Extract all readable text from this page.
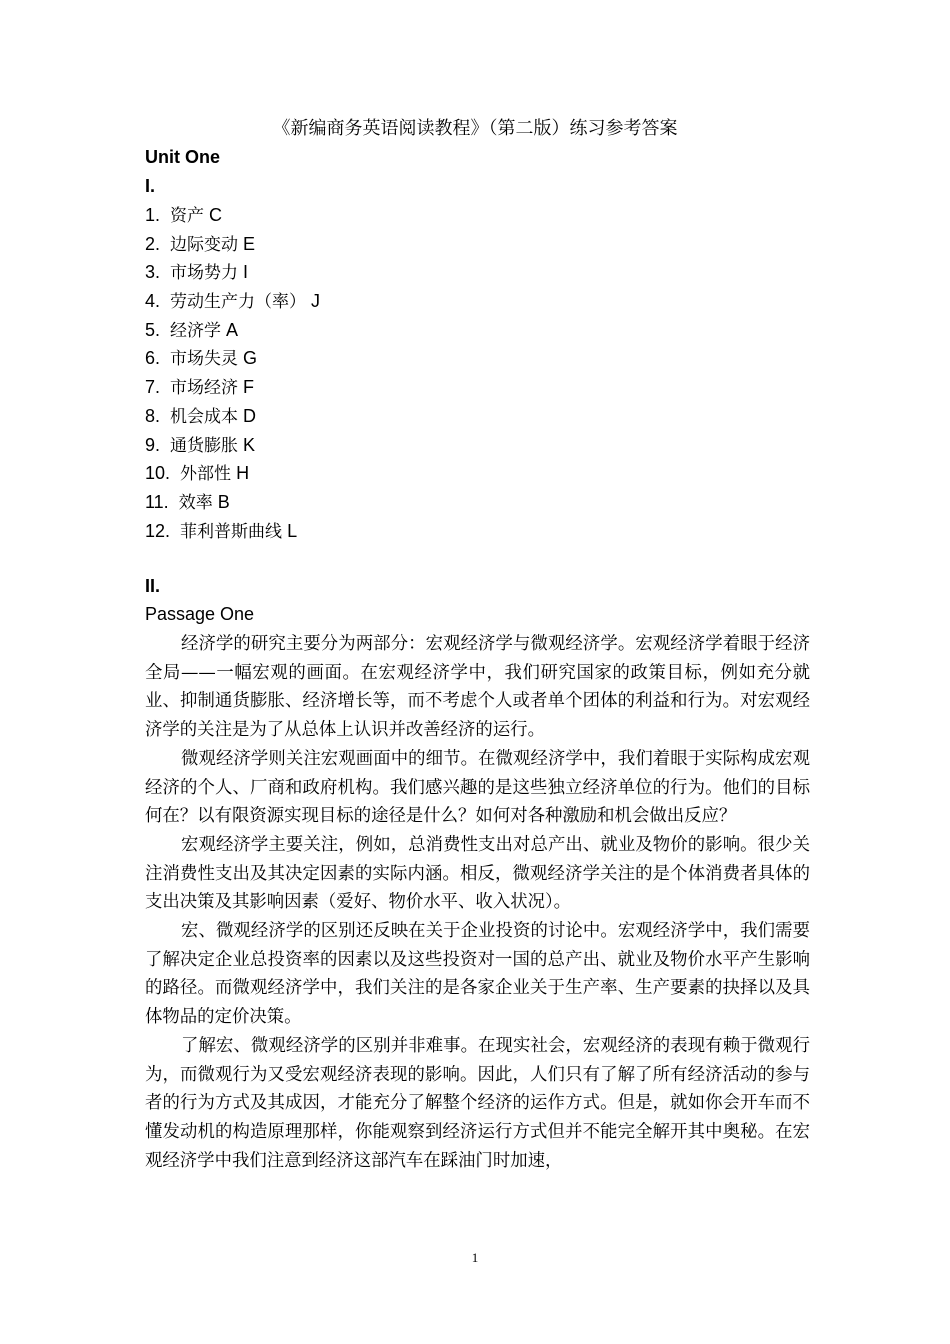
《新编商务英语阅读教程》（第二版）练习参考答案
Unit One
I.
1. 资产 C
2. 边际变动 E
3. 市场势力 I
4. 劳动生产力（率） J
5. 经济学 A
6. 市场失灵 G
7. 市场经济 F
8. 机会成本 D
9. 通货膨胀 K
10. 外部性 H
11. 效率 B
12. 菲利普斯曲线 L
II.
Passage One

经济学的研究主要分为两部分：宏观经济学与微观经济学。宏观经济学着眼于经济全局——一幅宏观的画面。在宏观经济学中，我们研究国家的政策目标，例如充分就业、抑制通货膨胀、经济增长等，而不考虑个人或者单个团体的利益和行为。对宏观经济学的关注是为了从总体上认识并改善经济的运行。

微观经济学则关注宏观画面中的细节。在微观经济学中，我们着眼于实际构成宏观经济的个人、厂商和政府机构。我们感兴趣的是这些独立经济单位的行为。他们的目标何在？以有限资源实现目标的途径是什么？如何对各种激励和机会做出反应？

宏观经济学主要关注，例如，总消费性支出对总产出、就业及物价的影响。很少关注消费性支出及其决定因素的实际内涵。相反，微观经济学关注的是个体消费者具体的支出决策及其影响因素（爱好、物价水平、收入状况）。

宏、微观经济学的区别还反映在关于企业投资的讨论中。宏观经济学中，我们需要了解决定企业总投资率的因素以及这些投资对一国的总产出、就业及物价水平产生影响的路径。而微观经济学中，我们关注的是各家企业关于生产率、生产要素的抉择以及具体物品的定价决策。

了解宏、微观经济学的区别并非难事。在现实社会，宏观经济的表现有赖于微观行为，而微观行为又受宏观经济表现的影响。因此，人们只有了解了所有经济活动的参与者的行为方式及其成因，才能充分了解整个经济的运作方式。但是，就如你会开车而不懂发动机的构造原理那样，你能观察到经济运行方式但并不能完全解开其中奥秘。在宏观经济学中我们注意到经济这部汽车在踩油门时加速，

1
